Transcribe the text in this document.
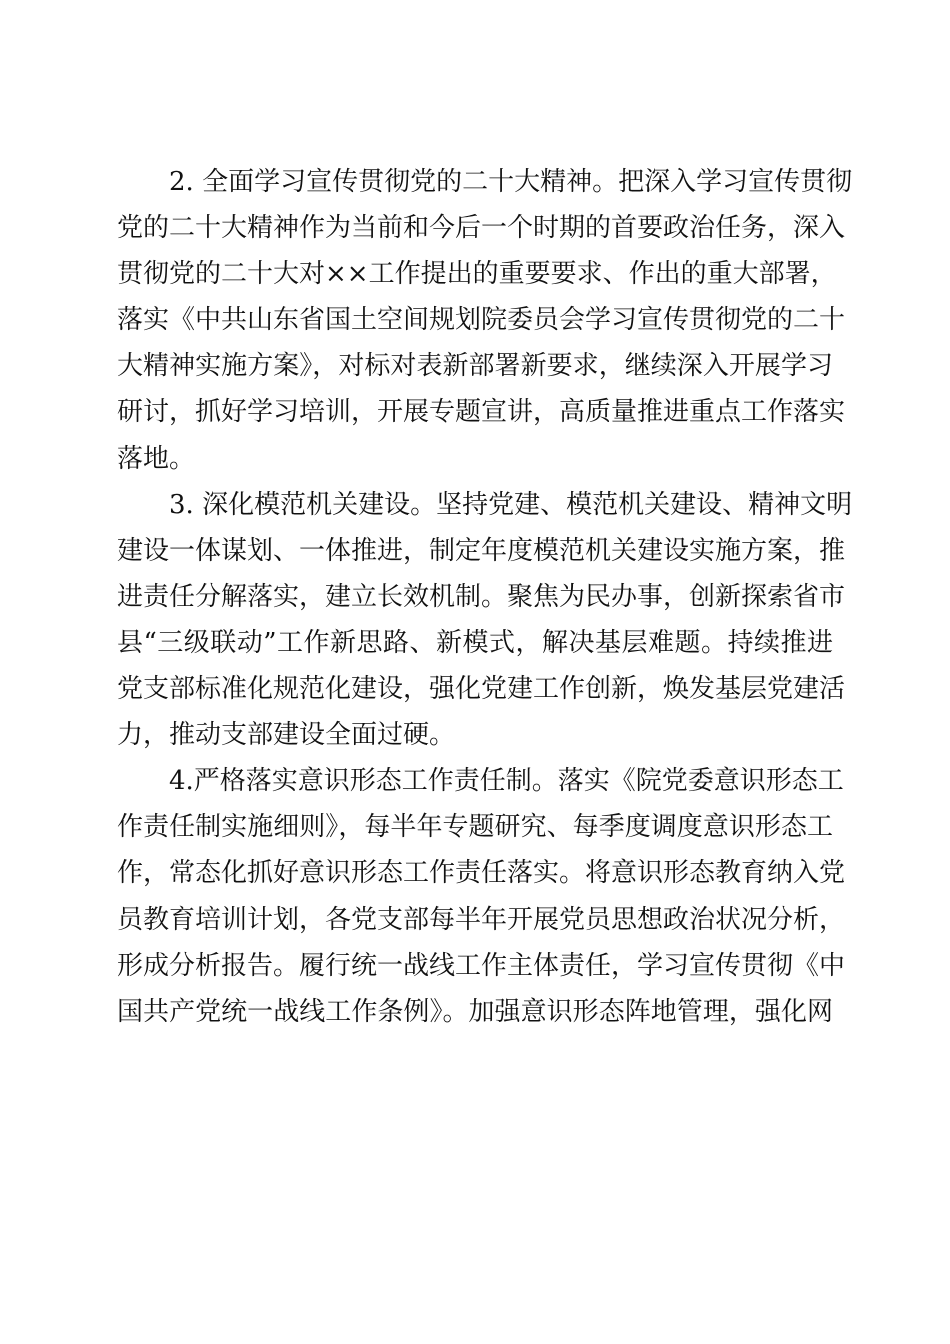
2. 全面学习宣传贯彻党的二十大精神。把深入学习宣传贯彻
党的二十大精神作为当前和今后一个时期的首要政治任务，深入
贯彻党的二十大对××工作提出的重要要求、作出的重大部署，
落实《中共山东省国土空间规划院委员会学习宣传贯彻党的二十
大精神实施方案》，对标对表新部署新要求，继续深入开展学习
研讨，抓好学习培训，开展专题宣讲，高质量推进重点工作落实
落地。
3. 深化模范机关建设。坚持党建、模范机关建设、精神文明
建设一体谋划、一体推进，制定年度模范机关建设实施方案，推
进责任分解落实，建立长效机制。聚焦为民办事，创新探索省市
县“三级联动”工作新思路、新模式，解决基层难题。持续推进
党支部标准化规范化建设，强化党建工作创新，焕发基层党建活
力，推动支部建设全面过硬。
4.严格落实意识形态工作责任制。落实《院党委意识形态工
作责任制实施细则》，每半年专题研究、每季度调度意识形态工
作，常态化抓好意识形态工作责任落实。将意识形态教育纳入党
员教育培训计划，各党支部每半年开展党员思想政治状况分析，
形成分析报告。履行统一战线工作主体责任，学习宣传贯彻《中
国共产党统一战线工作条例》。加强意识形态阵地管理，强化网
